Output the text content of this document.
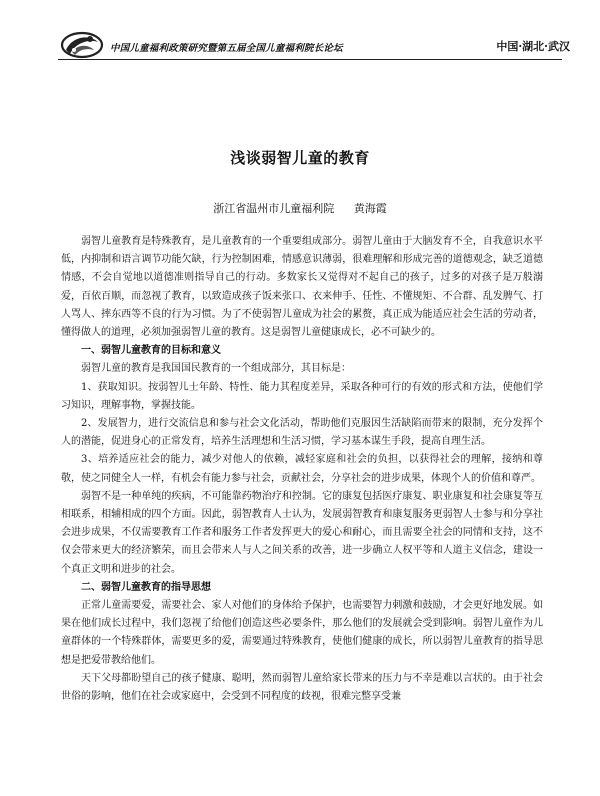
中国儿童福利政策研究暨第五届全国儿童福利院长论坛	中国·湖北·武汉
浅谈弱智儿童的教育
浙江省温州市儿童福利院 黄海霞

弱智儿童教育是特殊教育，是儿童教育的一个重要组成部分。弱智儿童由于大脑发育不全，自我意识水平低，内抑制和语言调节功能欠缺，行为控制困难，情感意识薄弱，很难理解和形成完善的道德观念，缺乏道德情感，不会自觉地以道德准则指导自己的行动。多数家长又觉得对不起自己的孩子，过多的对孩子是万般溺爱，百依百顺，而忽视了教育，以致造成孩子饭来张口、衣来伸手、任性、不懂规矩、不合群、乱发脾气、打人骂人、摔东西等不良的行为习惯。为了不使弱智儿童成为社会的累赘，真正成为能适应社会生活的劳动者，懂得做人的道理，必须加强弱智儿童的教育。这是弱智儿童健康成长，必不可缺少的。

一、弱智儿童教育的目标和意义

弱智儿童的教育是我国国民教育的一个组成部分，其目标是：

1、获取知识。按弱智儿士年龄、特性、能力其程度差异，采取各种可行的有效的形式和方法，使他们学习知识，理解事物，掌握技能。

2、发展智力，进行交流信息和参与社会文化活动，帮助他们克服因生活缺陷而带来的限制，充分发挥个人的潜能，促进身心的正常发育，培养生活理想和生活习惯，学习基本谋生手段，提高自理生活。

3、培养适应社会的能力，减少对他人的依赖，减轻家庭和社会的负担，以获得社会的理解，接纳和尊敬，使之同健全人一样，有机会有能力参与社会，贡献社会，分享社会的进步成果，体现个人的价值和尊严。

弱智不是一种单纯的疾病，不可能靠药物治疗和控制。它的康复包括医疗康复、职业康复和社会康复等互相联系，相辅相成的四个方面。因此，弱智教育人士认为，发展弱智教育和康复服务更弱智人士参与和分享社会进步成果，不仅需要教育工作者和服务工作者发挥更大的爱心和耐心，而且需要全社会的同情和支持，这不仅会带来更大的经济繁荣，而且会带来人与人之间关系的改善，进一步确立人权平等和人道主义信念，建设一个真正文明和进步的社会。

二、弱智儿童教育的指导思想

正常儿童需要爱，需要社会、家人对他们的身体给予保护，也需要智力刺激和鼓励，才会更好地发展。如果在他们成长过程中，我们忽视了给他们创造这些必要条件，那么他们的发展就会受到影响。弱智儿童作为儿童群体的一个特殊群体，需要更多的爱，需要通过特殊教育，使他们健康的成长，所以弱智儿童教育的指导思想是把爱带教给他们。

天下父母都盼望自己的孩子健康、聪明，然而弱智儿童给家长带来的压力与不幸是难以言状的。由于社会世俗的影响，他们在社会或家庭中，会受到不同程度的歧视，很难完整享受兼
